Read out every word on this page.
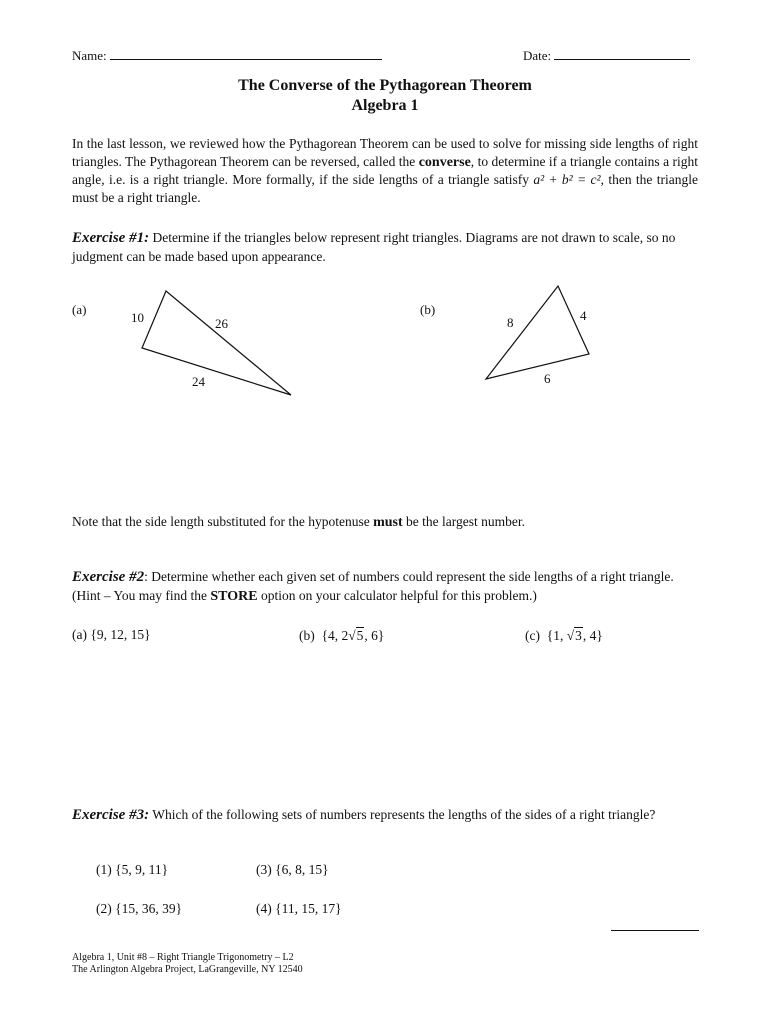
Name:	Date:
The Converse of the Pythagorean Theorem
Algebra 1
In the last lesson, we reviewed how the Pythagorean Theorem can be used to solve for missing side lengths of right triangles. The Pythagorean Theorem can be reversed, called the converse, to determine if a triangle contains a right angle, i.e. is a right triangle. More formally, if the side lengths of a triangle satisfy a² + b² = c², then the triangle must be a right triangle.
Exercise #1: Determine if the triangles below represent right triangles. Diagrams are not drawn to scale, so no judgment can be made based upon appearance.
(a)
10	26
24
(b)
8	4
6
Note that the side length substituted for the hypotenuse must be the largest number.
Exercise #2: Determine whether each given set of numbers could represent the side lengths of a right triangle. (Hint – You may find the STORE option on your calculator helpful for this problem.)
(a) {9, 12, 15}	(b) {4, 2√5, 6}	(c) {1, √3, 4}
Exercise #3: Which of the following sets of numbers represents the lengths of the sides of a right triangle?
(1) {5, 9, 11}	(3) {6, 8, 15}
(2) {15, 36, 39}	(4) {11, 15, 17}
Algebra 1, Unit #8 – Right Triangle Trigonometry – L2
The Arlington Algebra Project, LaGrangeville, NY 12540
